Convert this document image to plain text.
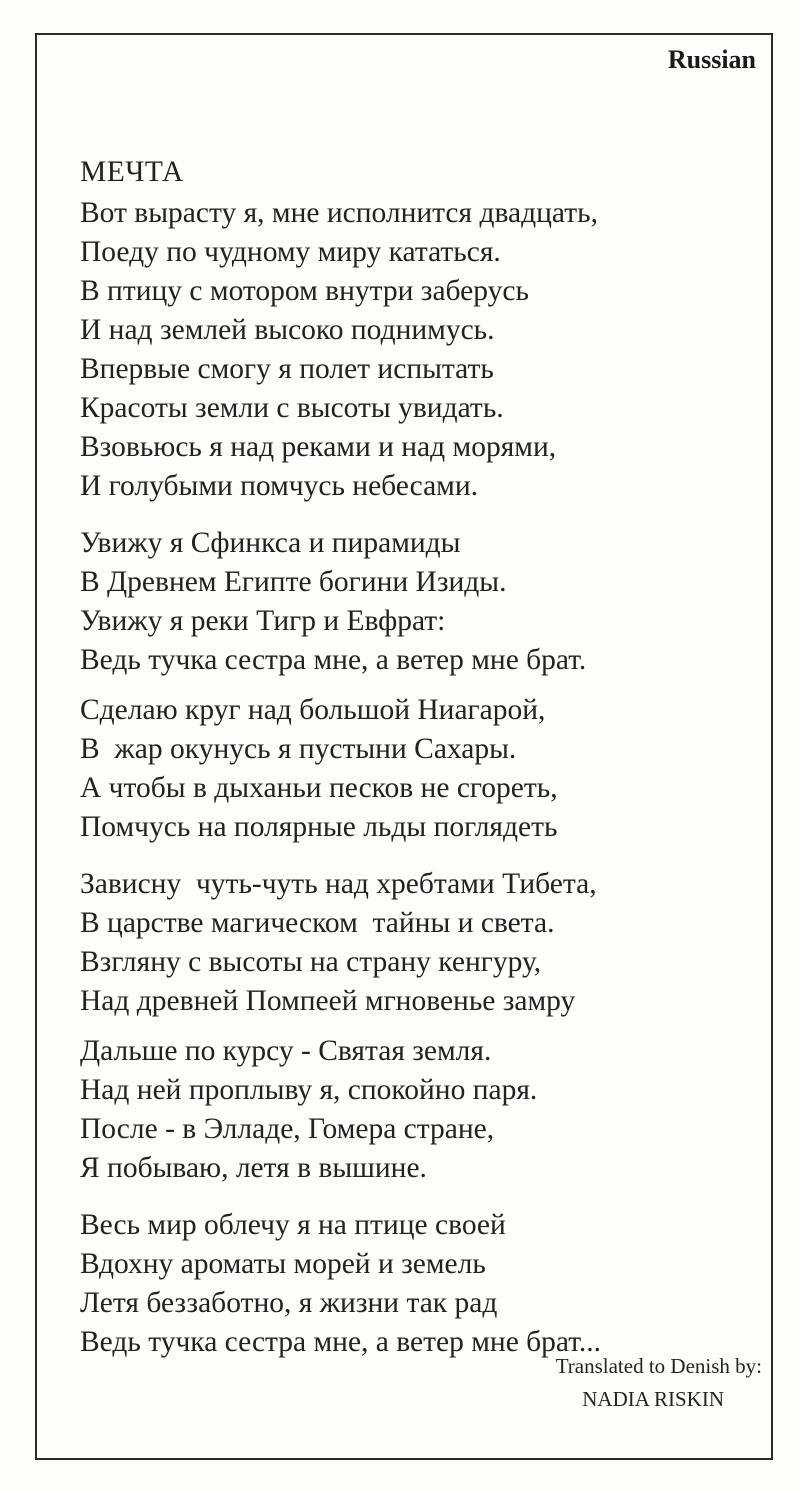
Russian
МЕЧТА
Вот вырасту я, мне исполнится двадцать,
Поеду по чудному миру кататься.
В птицу с мотором внутри заберусь
И над землей высоко поднимусь.
Впервые смогу я полет испытать
Красоты земли с высоты увидать.
Взовьюсь я над реками и над морями,
И голубыми помчусь небесами.
Увижу я Сфинкса и пирамиды
В Древнем Египте богини Изиды.
Увижу я реки Тигр и Евфрат:
Ведь тучка сестра мне, а ветер мне брат.
Сделаю круг над большой Ниагарой,
В  жар окунусь я пустыни Сахары.
А чтобы в дыханьи песков не сгореть,
Помчусь на полярные льды поглядеть
Зависну  чуть-чуть над хребтами Тибета,
В царстве магическом  тайны и света.
Взгляну с высоты на страну кенгуру,
Над древней Помпеей мгновенье замру
Дальше по курсу - Святая земля.
Над ней проплыву я, спокойно паря.
После - в Элладе, Гомера стране,
Я побываю, летя в вышине.
Весь мир облечу я на птице своей
Вдохну ароматы морей и земель
Летя беззаботно, я жизни так рад
Ведь тучка сестра мне, а ветер мне брат...
Translated to Denish by:
NADIA RISKIN
